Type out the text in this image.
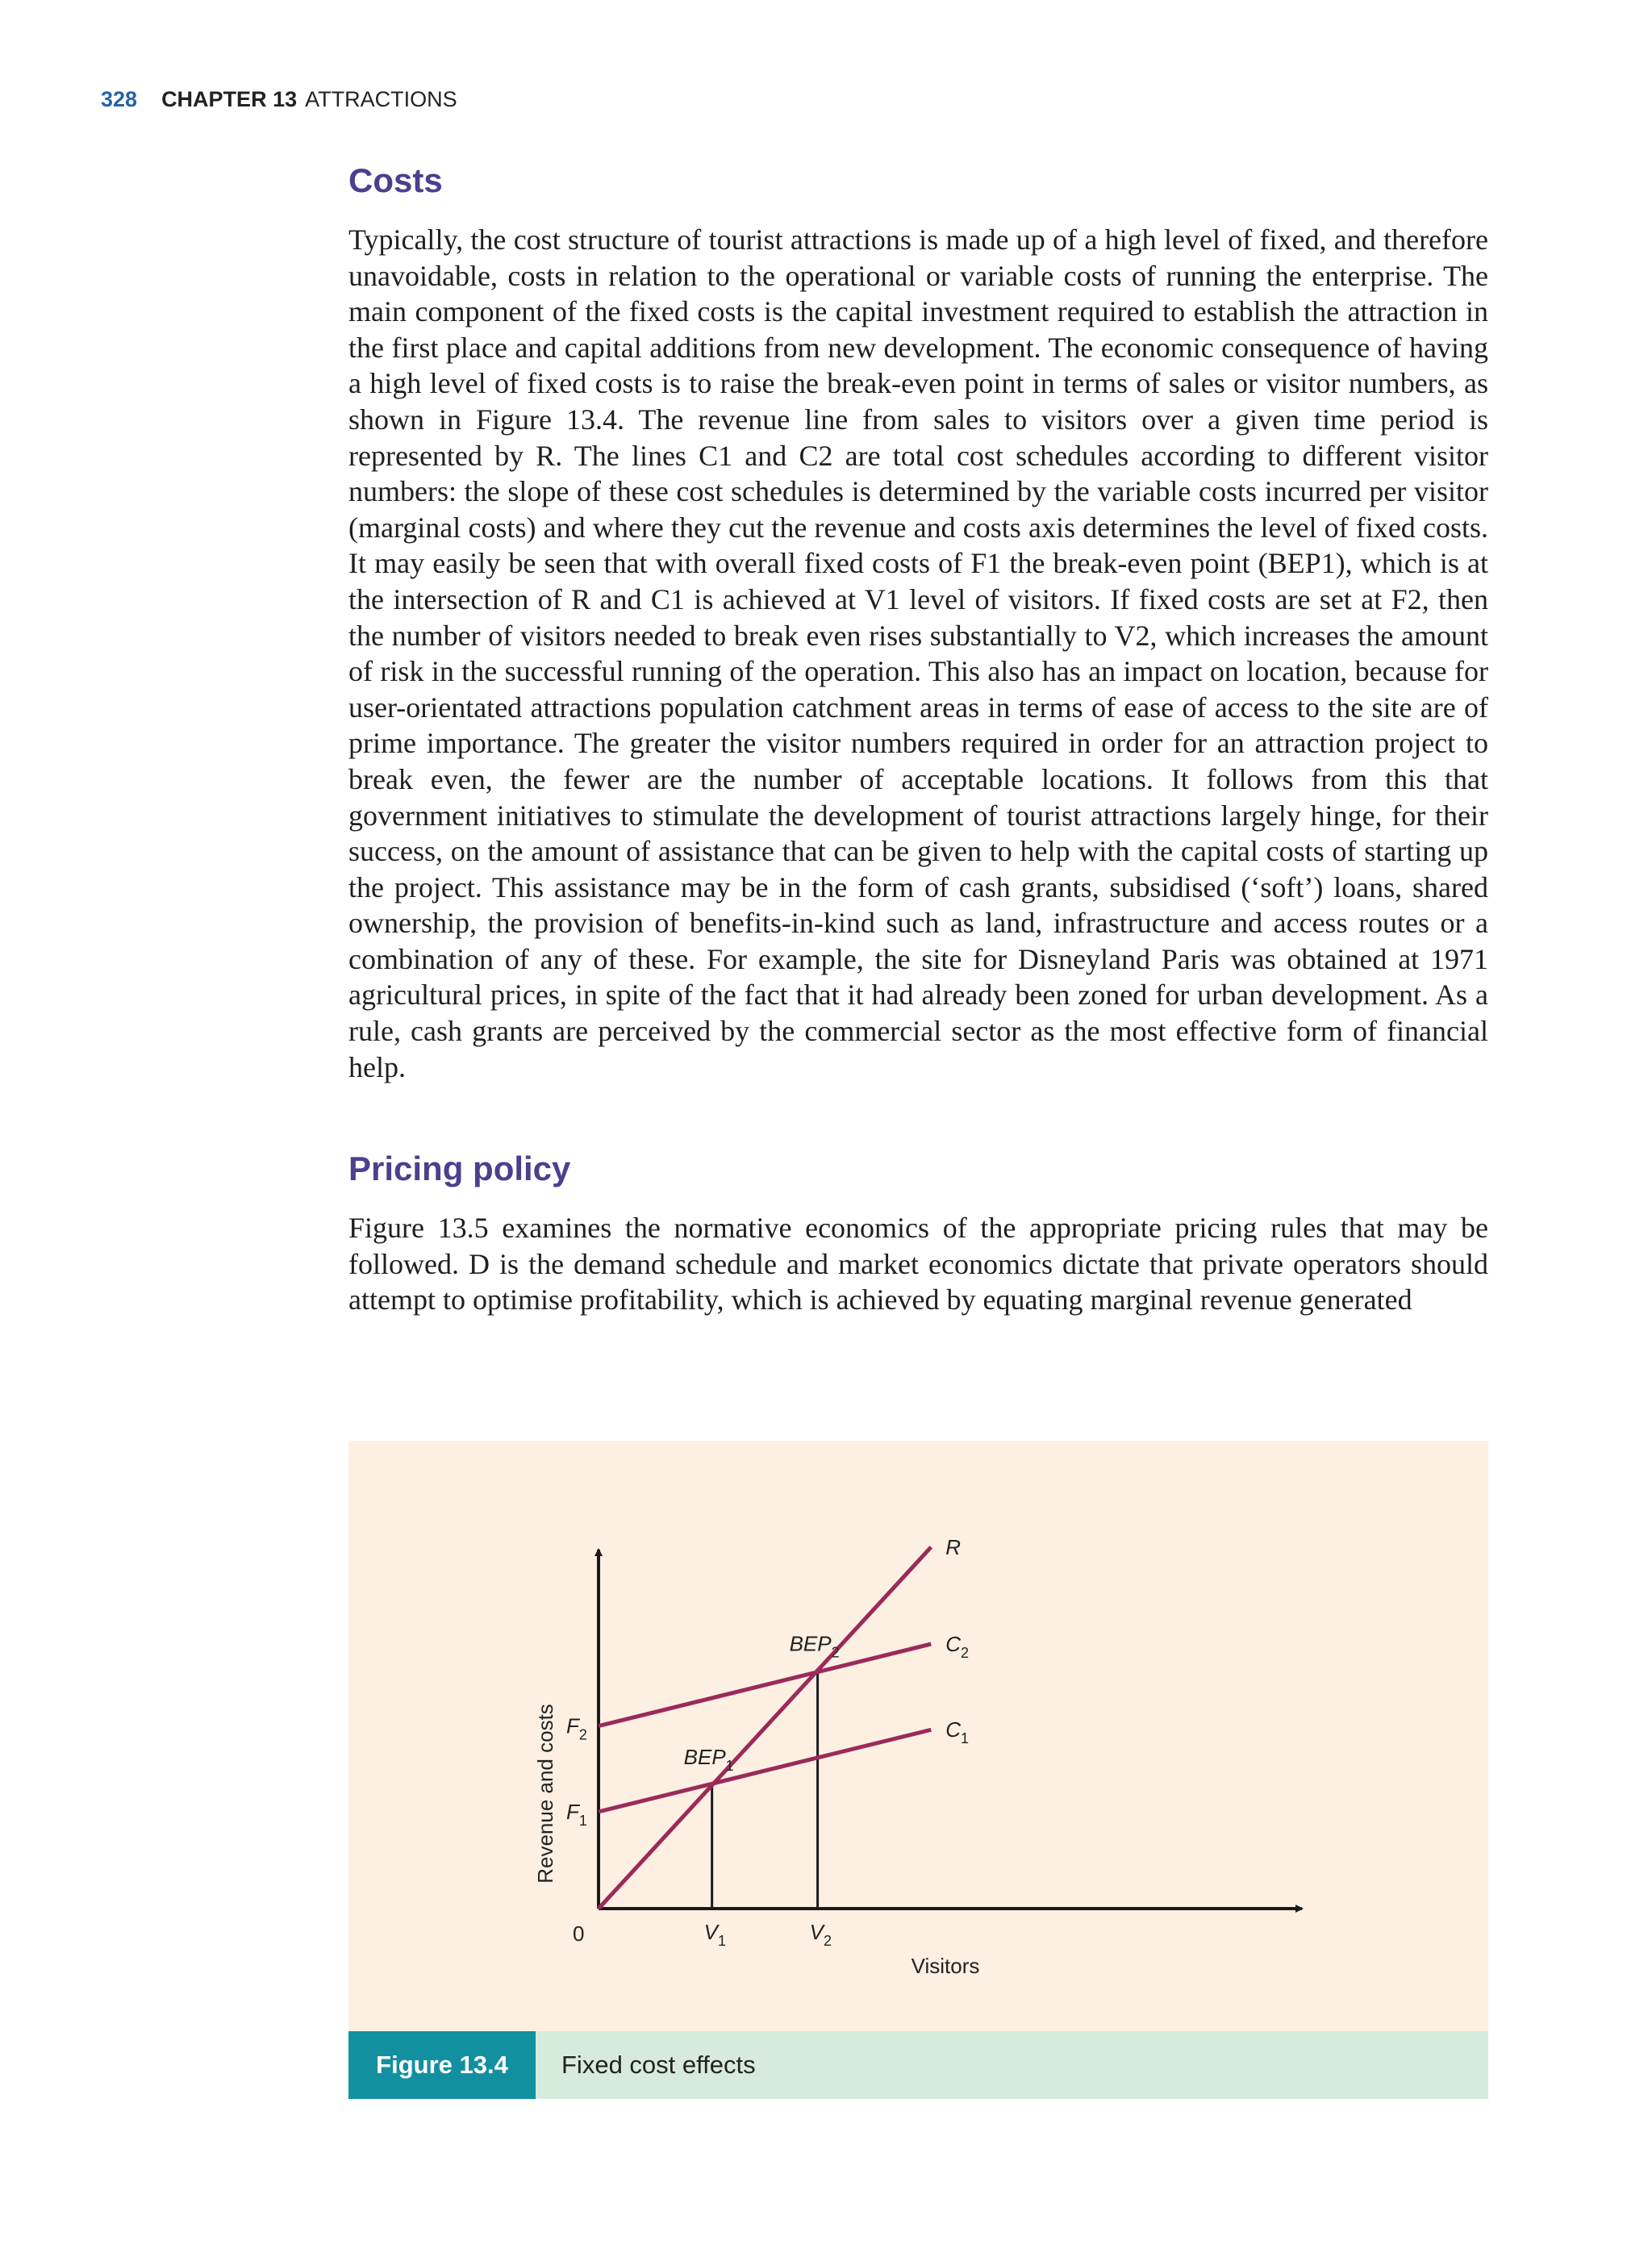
328 CHAPTER 13 ATTRACTIONS
Costs

Typically, the cost structure of tourist attractions is made up of a high level of fixed, and therefore unavoidable, costs in relation to the operational or variable costs of running the enterprise. The main component of the fixed costs is the capital investment required to establish the attraction in the first place and capital additions from new development. The economic consequence of having a high level of fixed costs is to raise the break-even point in terms of sales or visitor numbers, as shown in Figure 13.4. The revenue line from sales to visitors over a given time period is represented by R. The lines C1 and C2 are total cost schedules according to different visitor numbers: the slope of these cost schedules is determined by the variable costs incurred per visitor (marginal costs) and where they cut the revenue and costs axis determines the level of fixed costs. It may easily be seen that with overall fixed costs of F1 the break-even point (BEP1), which is at the intersection of R and C1 is achieved at V1 level of visitors. If fixed costs are set at F2, then the number of visitors needed to break even rises substantially to V2, which increases the amount of risk in the successful running of the operation. This also has an impact on location, because for user-orientated attractions population catchment areas in terms of ease of access to the site are of prime importance. The greater the visitor numbers required in order for an attraction project to break even, the fewer are the number of acceptable locations. It follows from this that government initiatives to stimulate the development of tourist attractions largely hinge, for their success, on the amount of assistance that can be given to help with the capital costs of starting up the project. This assistance may be in the form of cash grants, subsidised (‘soft’) loans, shared ownership, the provision of benefits-in-kind such as land, infrastructure and access routes or a combination of any of these. For example, the site for Disneyland Paris was obtained at 1971 agricultural prices, in spite of the fact that it had already been zoned for urban development. As a rule, cash grants are perceived by the commercial sector as the most effective form of financial help.

Pricing policy

Figure 13.5 examines the normative economics of the appropriate pricing rules that may be followed. D is the demand schedule and market economics dictate that private operators should attempt to optimise profitability, which is achieved by equating marginal revenue generated

R
$C_2$
$C_1$
0
$F_2$
$F_1$
$V_1$	$V_2$
$BEP_1$
$BEP_2$
Visitors
Revenue and costs
Figure 13.4	Fixed cost effects
